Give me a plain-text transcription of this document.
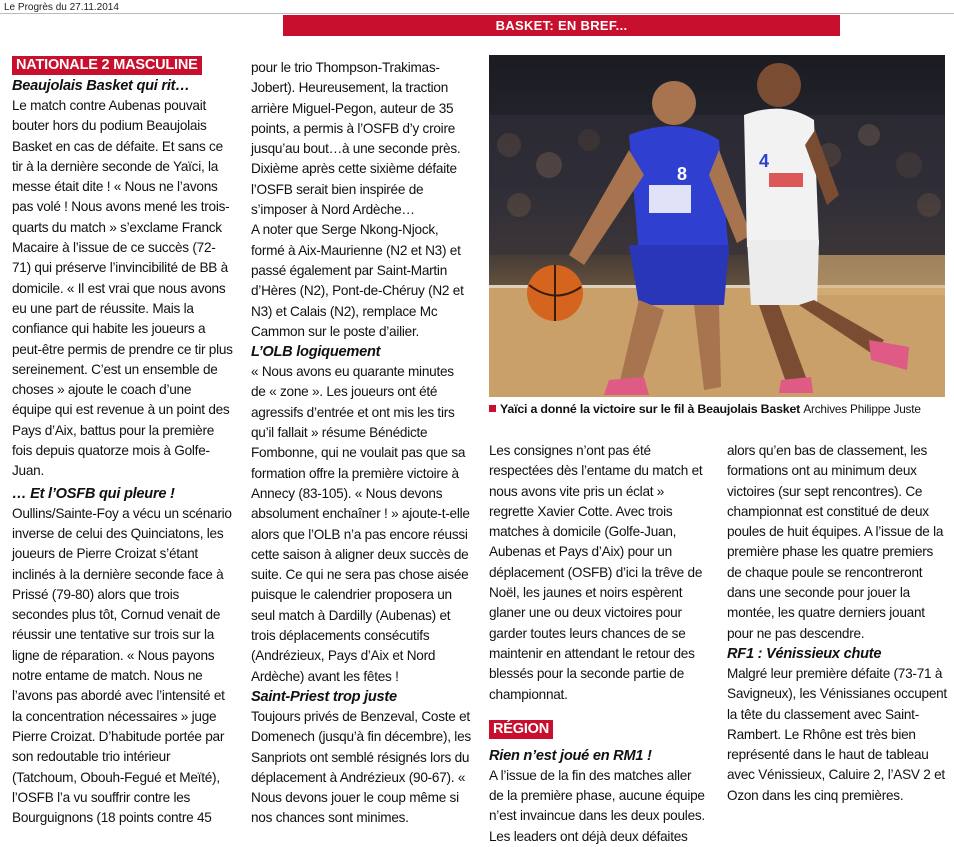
Le Progrès du 27.11.2014
BASKET: EN BREF...
NATIONALE 2 MASCULINE

Beaujolais Basket qui rit…

Le match contre Aubenas pouvait bouter hors du podium Beaujolais Basket en cas de défaite. Et sans ce tir à la dernière seconde de Yaïci, la messe était dite ! « Nous ne l’avons pas volé ! Nous avons mené les trois-quarts du match » s’exclame Franck Macaire à l’issue de ce succès (72-71) qui préserve l’invincibilité de BB à domicile. « Il est vrai que nous avons eu une part de réussite. Mais la confiance qui habite les joueurs a peut-être permis de prendre ce tir plus sereinement. C’est un ensemble de choses » ajoute le coach d’une équipe qui est revenue à un point des Pays d’Aix, battus pour la première fois depuis quatorze mois à Golfe-Juan.

… Et l’OSFB qui pleure !

Oullins/Sainte-Foy a vécu un scénario inverse de celui des Quinciatons, les joueurs de Pierre Croizat s’étant inclinés à la dernière seconde face à Prissé (79-80) alors que trois secondes plus tôt, Cornud venait de réussir une tentative sur trois sur la ligne de réparation. « Nous payons notre entame de match. Nous ne l’avons pas abordé avec l’intensité et la concentration nécessaires » juge Pierre Croizat. D’habitude portée par son redoutable trio intérieur (Tatchoum, Obouh-Fegué et Meïté), l’OSFB l’a vu souffrir contre les Bourguignons (18 points contre 45

pour le trio Thompson-Trakimas-Jobert). Heureusement, la traction arrière Miguel-Pegon, auteur de 35 points, a permis à l’OSFB d’y croire jusqu’au bout…à une seconde près. Dixième après cette sixième défaite l’OSFB serait bien inspirée de s’imposer à Nord Ardèche…

A noter que Serge Nkong-Njock, formé à Aix-Maurienne (N2 et N3) et passé également par Saint-Martin d’Hères (N2), Pont-de-Chéruy (N2 et N3) et Calais (N2), remplace Mc Cammon sur le poste d’ailier.

L’OLB logiquement

« Nous avons eu quarante minutes de « zone ». Les joueurs ont été agressifs d’entrée et ont mis les tirs qu’il fallait » résume Bénédicte Fombonne, qui ne voulait pas que sa formation offre la première victoire à Annecy (83-105). « Nous devons absolument enchaîner ! » ajoute-t-elle alors que l’OLB n’a pas encore réussi cette saison à aligner deux succès de suite. Ce qui ne sera pas chose aisée puisque le calendrier proposera un seul match à Dardilly (Aubenas) et trois déplacements consécutifs (Andrézieux, Pays d’Aix et Nord Ardèche) avant les fêtes !

Saint-Priest trop juste

Toujours privés de Benzeval, Coste et Domenech (jusqu’à fin décembre), les Sanpriots ont semblé résignés lors du déplacement à Andrézieux (90-67). « Nous devons jouer le coup même si nos chances sont minimes.

8
4
Yaïci a donné la victoire sur le fil à Beaujolais Basket Archives Philippe Juste

Les consignes n’ont pas été respectées dès l’entame du match et nous avons vite pris un éclat » regrette Xavier Cotte. Avec trois matches à domicile (Golfe-Juan, Aubenas et Pays d’Aix) pour un déplacement (OSFB) d’ici la trêve de Noël, les jaunes et noirs espèrent glaner une ou deux victoires pour garder toutes leurs chances de se maintenir en attendant le retour des blessés pour la seconde partie de championnat.

RÉGION

Rien n’est joué en RM1 !

A l’issue de la fin des matches aller de la première phase, aucune équipe n’est invaincue dans les deux poules. Les leaders ont déjà deux défaites

alors qu’en bas de classement, les formations ont au minimum deux victoires (sur sept rencontres). Ce championnat est constitué de deux poules de huit équipes. A l’issue de la première phase les quatre premiers de chaque poule se rencontreront dans une seconde pour jouer la montée, les quatre derniers jouant pour ne pas descendre.

RF1 : Vénissieux chute

Malgré leur première défaite (73-71 à Savigneux), les Vénissianes occupent la tête du classement avec Saint-Rambert. Le Rhône est très bien représenté dans le haut de tableau avec Vénissieux, Caluire 2, l’ASV 2 et Ozon dans les cinq premières.
